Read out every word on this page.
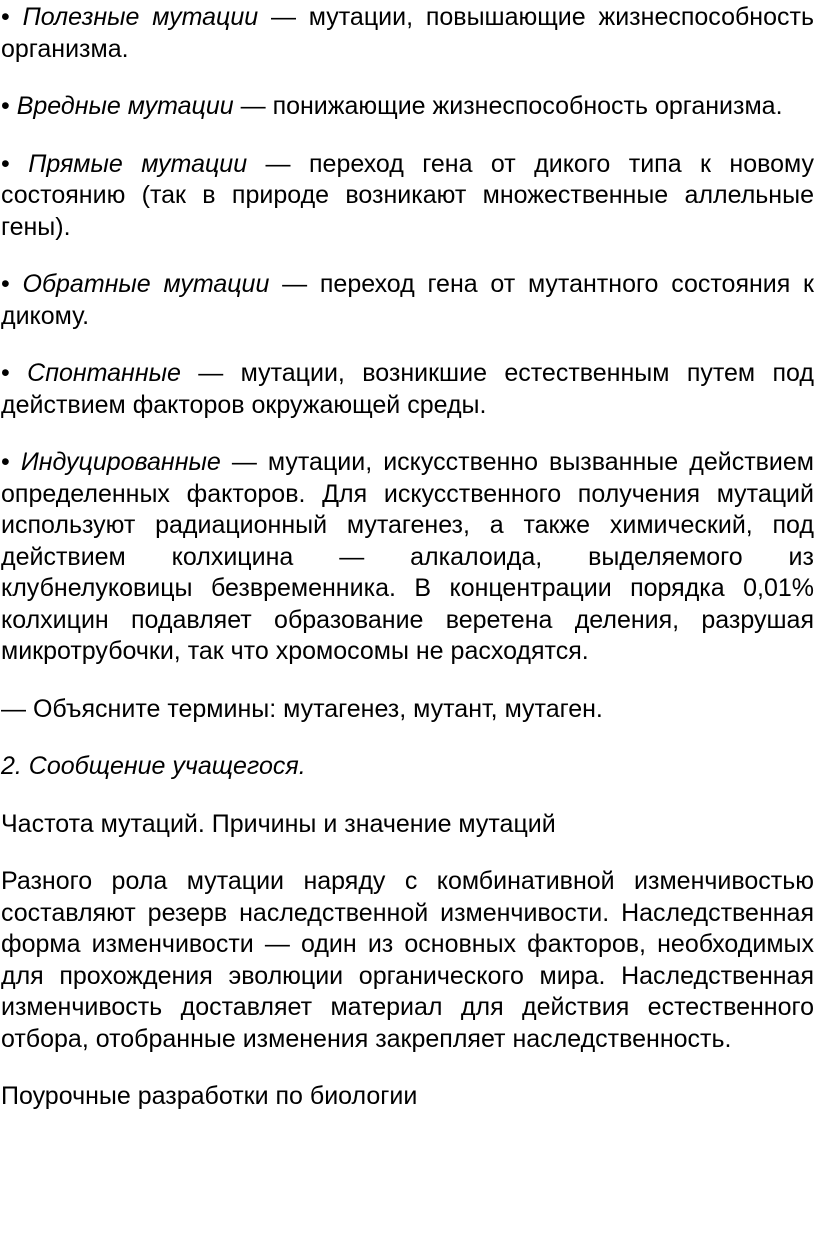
• Полезные мутации — мутации, повышающие жизнеспособность организма.

• Вредные мутации — понижающие жизнеспособность организма.

• Прямые мутации — переход гена от дикого типа к новому состоянию (так в природе возникают множественные аллельные гены).

• Обратные мутации — переход гена от мутантного состояния к дикому.

• Спонтанные — мутации, возникшие естественным путем под действием факторов окружающей среды.

• Индуцированные — мутации, искусственно вызванные действием определенных факторов. Для искусственного получения мутаций используют радиационный мутагенез, а также химический, под действием колхицина — алкалоида, выделяемого из клубнелуковицы безвременника. В концентрации порядка 0,01% колхицин подавляет образование веретена деления, разрушая микротрубочки, так что хромосомы не расходятся.

— Объясните термины: мутагенез, мутант, мутаген.

2. Сообщение учащегося.

Частота мутаций. Причины и значение мутаций

Разного рола мутации наряду с комбинативной изменчивостью составляют резерв наследственной изменчивости. Наследственная форма изменчивости — один из основных факторов, необходимых для прохождения эволюции органического мира. Наследственная изменчивость доставляет материал для действия естественного отбора, отобранные изменения закрепляет наследственность.

Поурочные разработки по биологии
